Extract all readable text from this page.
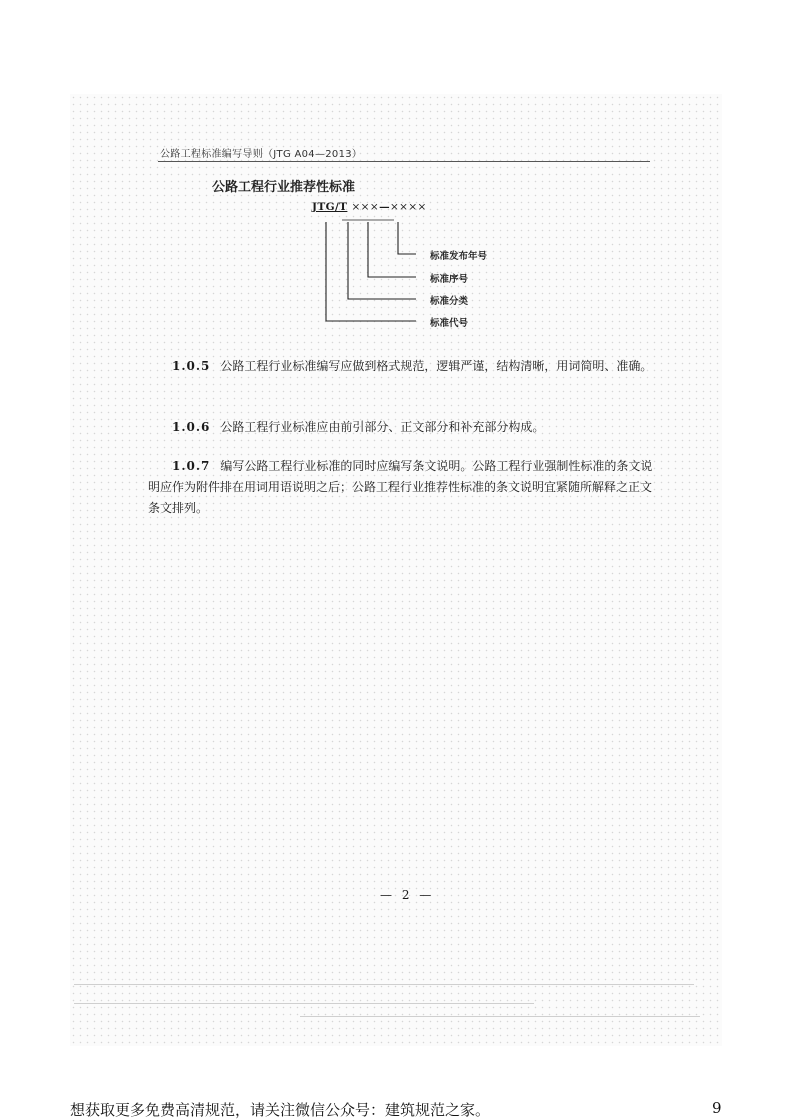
公路工程标准编写导则（JTG A04—2013）
公路工程行业推荐性标准
JTG/T ×××—××××
标准发布年号
标准序号
标准分类
标准代号
1.0.5 公路工程行业标准编写应做到格式规范，逻辑严谨，结构清晰，用词简明、准确。
1.0.6 公路工程行业标准应由前引部分、正文部分和补充部分构成。
1.0.7 编写公路工程行业标准的同时应编写条文说明。公路工程行业强制性标准的条文说明应作为附件排在用词用语说明之后；公路工程行业推荐性标准的条文说明宜紧随所解释之正文条文排列。
— 2 —
想获取更多免费高清规范，请关注微信公众号：建筑规范之家。	9
